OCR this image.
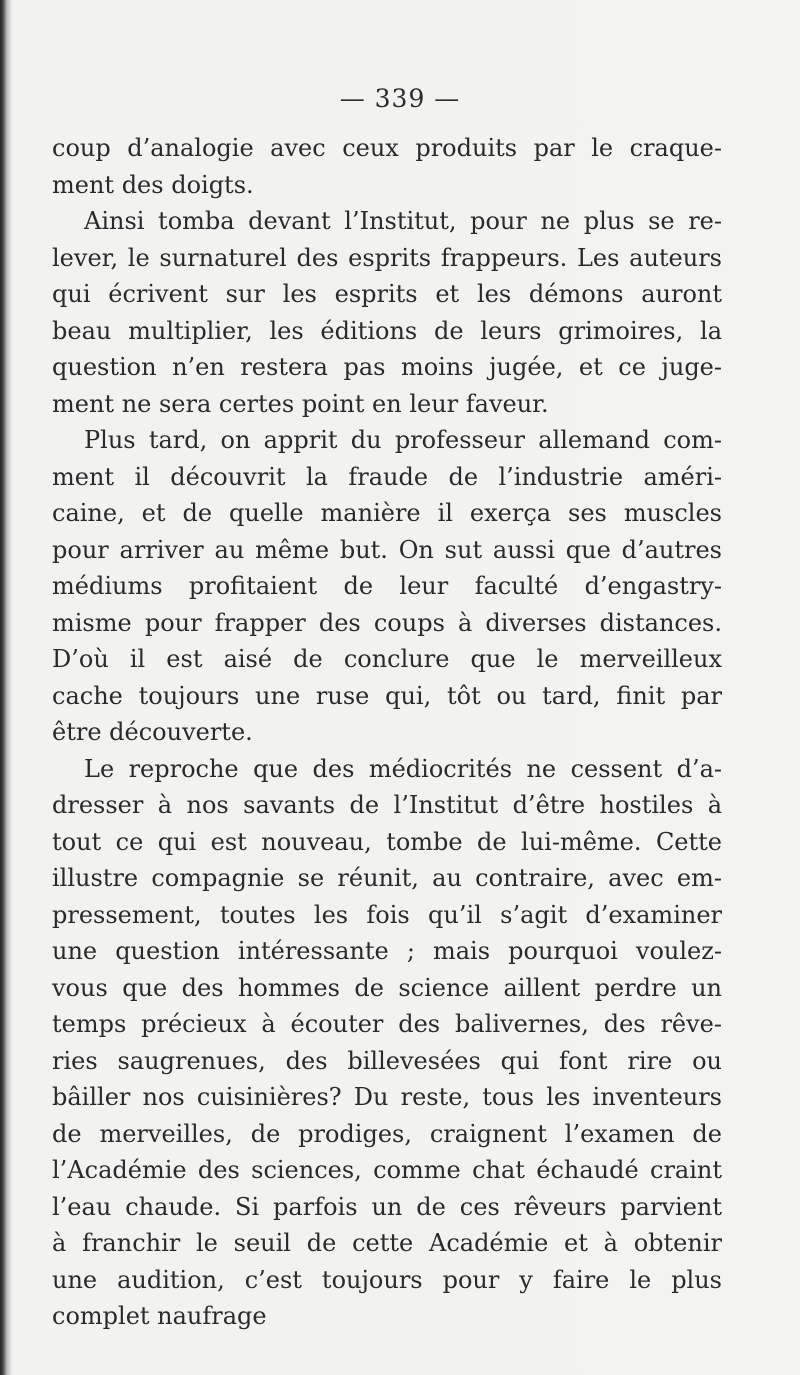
— 339 —
coup d’analogie avec ceux produits par le craque-
ment des doigts.
Ainsi tomba devant l’Institut, pour ne plus se re-
lever, le surnaturel des esprits frappeurs. Les auteurs
qui écrivent sur les esprits et les démons auront
beau multiplier, les éditions de leurs grimoires, la
question n’en restera pas moins jugée, et ce juge-
ment ne sera certes point en leur faveur.
Plus tard, on apprit du professeur allemand com-
ment il découvrit la fraude de l’industrie améri-
caine, et de quelle manière il exerça ses muscles
pour arriver au même but. On sut aussi que d’autres
médiums profitaient de leur faculté d’engastry-
misme pour frapper des coups à diverses distances.
D’où il est aisé de conclure que le merveilleux
cache toujours une ruse qui, tôt ou tard, finit par
être découverte.
Le reproche que des médiocrités ne cessent d’a-
dresser à nos savants de l’Institut d’être hostiles à
tout ce qui est nouveau, tombe de lui-même. Cette
illustre compagnie se réunit, au contraire, avec em-
pressement, toutes les fois qu’il s’agit d’examiner
une question intéressante ; mais pourquoi voulez-
vous que des hommes de science aillent perdre un
temps précieux à écouter des balivernes, des rêve-
ries saugrenues, des billevesées qui font rire ou
bâiller nos cuisinières? Du reste, tous les inventeurs
de merveilles, de prodiges, craignent l’examen de
l’Académie des sciences, comme chat échaudé craint
l’eau chaude. Si parfois un de ces rêveurs parvient
à franchir le seuil de cette Académie et à obtenir
une audition, c’est toujours pour y faire le plus
complet naufrage
